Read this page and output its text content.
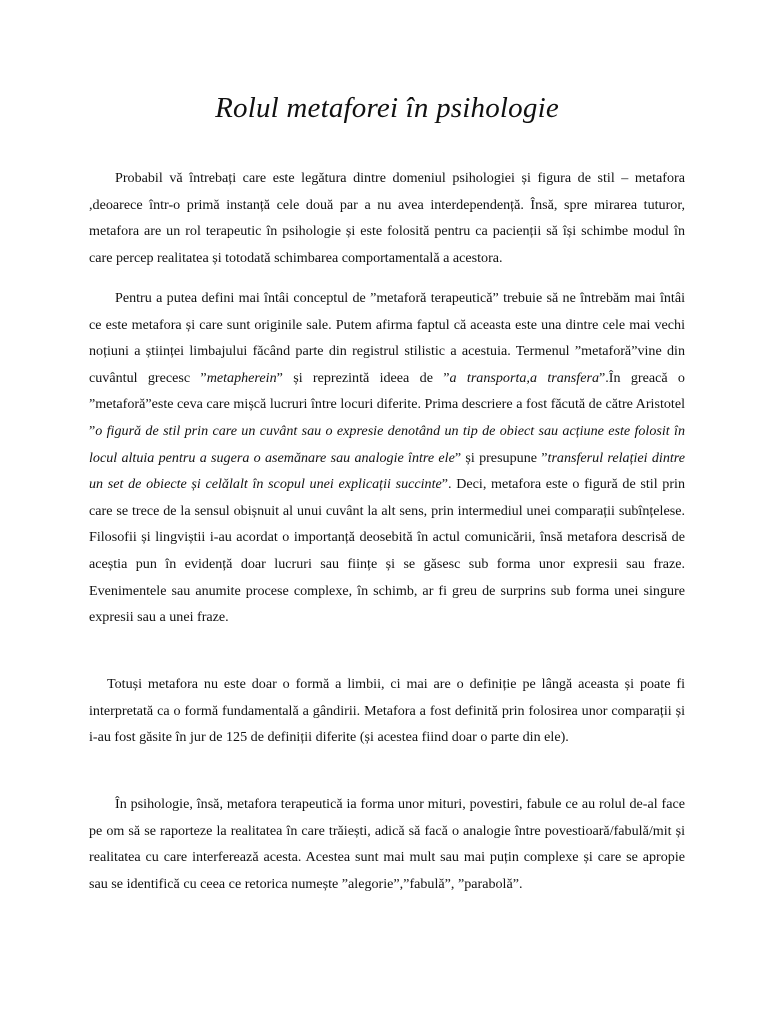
Rolul metaforei în psihologie

Probabil vă întrebați care este legătura dintre domeniul psihologiei și figura de stil – metafora ,deoarece într-o primă instanță cele două par a nu avea interdependență. Însă, spre mirarea tuturor, metafora are un rol terapeutic în psihologie și este folosită pentru ca pacienții să își schimbe modul în care percep realitatea și totodată schimbarea comportamentală a acestora.

Pentru a putea defini mai întâi conceptul de ”metaforă terapeutică” trebuie să ne întrebăm mai întâi ce este metafora și care sunt originile sale. Putem afirma faptul că aceasta este una dintre cele mai vechi noțiuni a științei limbajului făcând parte din registrul stilistic a acestuia. Termenul ”metaforă”vine din cuvântul grecesc ”metapherein” și reprezintă ideea de ”a transporta,a transfera”.În greacă o ”metaforă”este ceva care mișcă lucruri între locuri diferite. Prima descriere a fost făcută de către Aristotel ”o figură de stil prin care un cuvânt sau o expresie denotând un tip de obiect sau acțiune este folosit în locul altuia pentru a sugera o asemănare sau analogie între ele” și presupune ”transferul relației dintre un set de obiecte și celălalt în scopul unei explicații succinte”. Deci, metafora este o figură de stil prin care se trece de la sensul obișnuit al unui cuvânt la alt sens, prin intermediul unei comparații subînțelese. Filosofii și lingviștii i-au acordat o importanță deosebită în actul comunicării, însă metafora descrisă de aceștia pun în evidență doar lucruri sau ființe și se găsesc sub forma unor expresii sau fraze. Evenimentele sau anumite procese complexe, în schimb, ar fi greu de surprins sub forma unei singure expresii sau a unei fraze.

Totuși metafora nu este doar o formă a limbii, ci mai are o definiție pe lângă aceasta și poate fi interpretată ca o formă fundamentală a gândirii. Metafora a fost definită prin folosirea unor comparații și i-au fost găsite în jur de 125 de definiții diferite (și acestea fiind doar o parte din ele).

În psihologie, însă, metafora terapeutică ia forma unor mituri, povestiri, fabule ce au rolul de-al face pe om să se raporteze la realitatea în care trăiești, adică să facă o analogie între povestioară/fabulă/mit și realitatea cu care interferează acesta. Acestea sunt mai mult sau mai puțin complexe și care se apropie sau se identifică cu ceea ce retorica numește ”alegorie”,”fabulă”, ”parabolă”.
